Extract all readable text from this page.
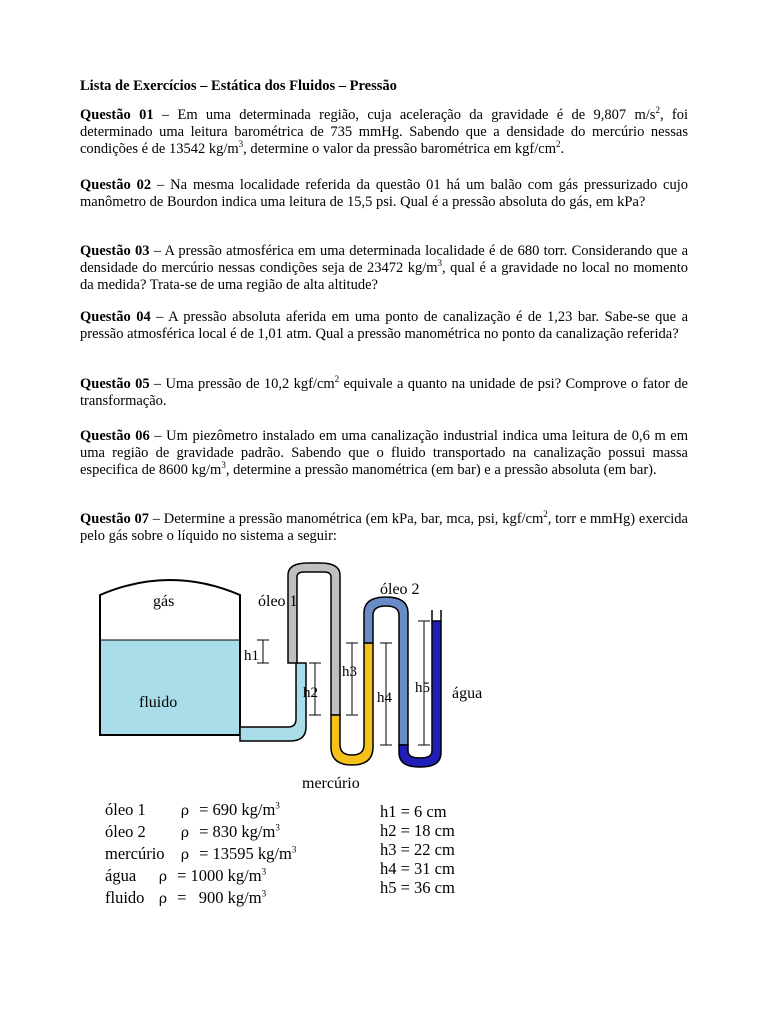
Lista de Exercícios – Estática dos Fluidos – Pressão
Questão 01 – Em uma determinada região, cuja aceleração da gravidade é de 9,807 $m/s^2$, foi determinado uma leitura barométrica de 735 mmHg. Sabendo que a densidade do mercúrio nessas condições é de 13542 $kg/m^3$, determine o valor da pressão barométrica em kgf/$cm^2$.
Questão 02 – Na mesma localidade referida da questão 01 há um balão com gás pressurizado cujo manômetro de Bourdon indica uma leitura de 15,5 psi. Qual é a pressão absoluta do gás, em kPa?
Questão 03 – A pressão atmosférica em uma determinada localidade é de 680 torr. Considerando que a densidade do mercúrio nessas condições seja de 23472 $kg/m^3$, qual é a gravidade no local no momento da medida? Trata-se de uma região de alta altitude?
Questão 04 – A pressão absoluta aferida em uma ponto de canalização é de 1,23 bar. Sabe-se que a pressão atmosférica local é de 1,01 atm. Qual a pressão manométrica no ponto da canalização referida?
Questão 05 – Uma pressão de 10,2 kgf/$cm^2$ equivale a quanto na unidade de psi? Comprove o fator de transformação.
Questão 06 – Um piezômetro instalado em uma canalização industrial indica uma leitura de 0,6 m em uma região de gravidade padrão. Sabendo que o fluido transportado na canalização possui massa especifica de 8600 $kg/m^3$, determine a pressão manométrica (em bar) e a pressão absoluta (em bar).
Questão 07 – Determine a pressão manométrica (em kPa, bar, mca, psi, kgf/$cm^2$, torr e mmHg) exercida pelo gás sobre o líquido no sistema a seguir:
gás
fluido
óleo 1
óleo 2
mercúrio
água
h1
h2
h3
h4
h5
óleo 1	ρ = 690 $kg/m^3$
óleo 2	ρ = 830 $kg/m^3$
mercúrio ρ = 13595 $kg/m^3$
água ρ = 1000 $kg/m^3$
fluido ρ =   900 $kg/m^3$
h1 = 6 cm
h2 = 18 cm
h3 = 22 cm
h4 = 31 cm
h5 = 36 cm
